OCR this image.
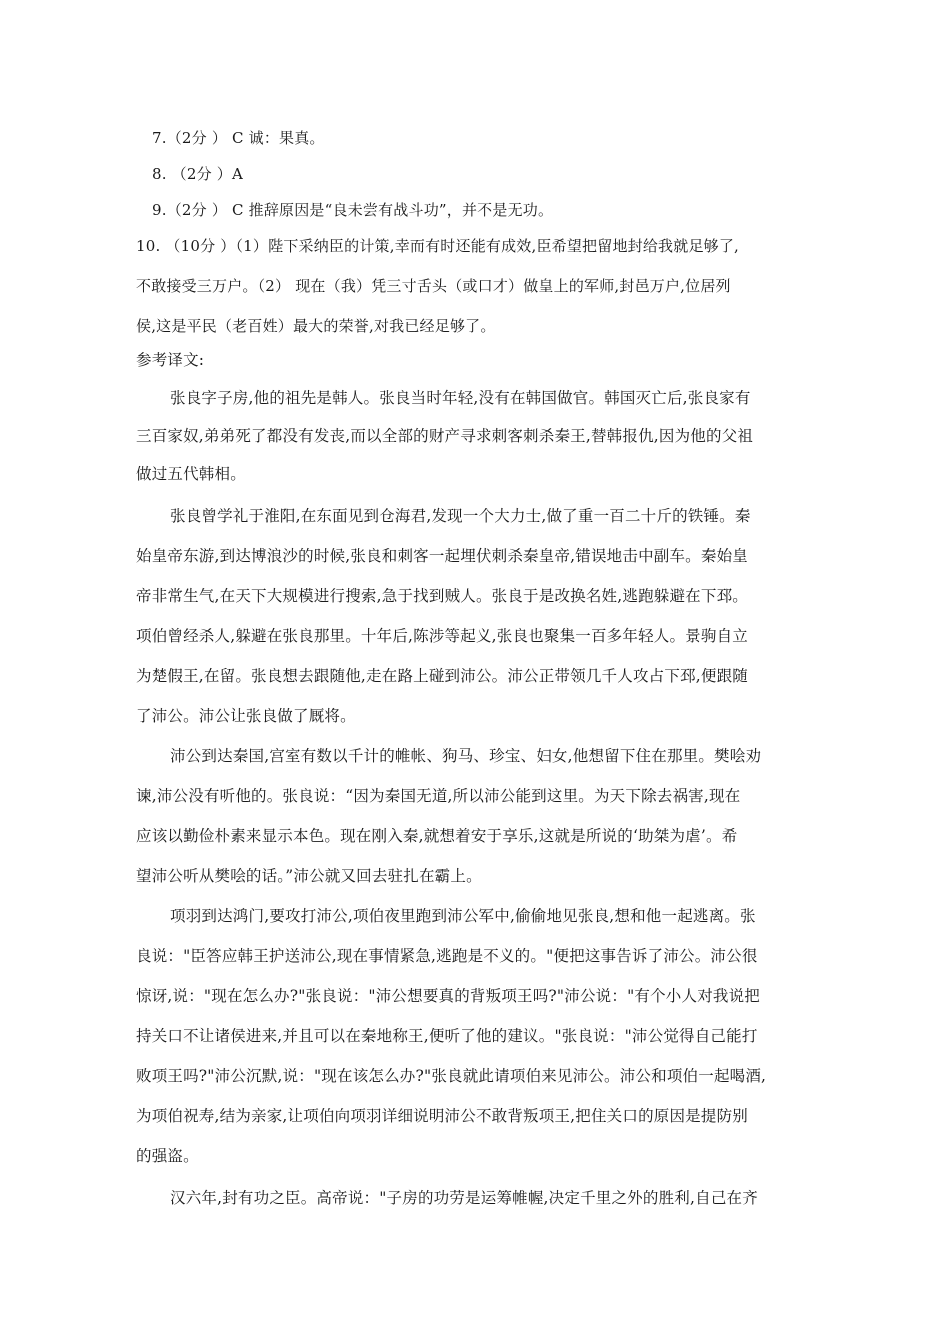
7.（2分 ） C 诚：果真。
8. （2分 ）A
9.（2分 ） C 推辞原因是“良未尝有战斗功”，并不是无功。
10. （10分 ）（1）陛下采纳臣的计策,幸而有时还能有成效,臣希望把留地封给我就足够了,
不敢接受三万户。（2） 现在（我）凭三寸舌头（或口才）做皇上的军师,封邑万户,位居列
侯,这是平民（老百姓）最大的荣誉,对我已经足够了。
参考译文:
张良字子房,他的祖先是韩人。张良当时年轻,没有在韩国做官。韩国灭亡后,张良家有
三百家奴,弟弟死了都没有发丧,而以全部的财产寻求刺客刺杀秦王,替韩报仇,因为他的父祖
做过五代韩相。
张良曾学礼于淮阳,在东面见到仓海君,发现一个大力士,做了重一百二十斤的铁锤。秦
始皇帝东游,到达博浪沙的时候,张良和刺客一起埋伏刺杀秦皇帝,错误地击中副车。秦始皇
帝非常生气,在天下大规模进行搜索,急于找到贼人。张良于是改换名姓,逃跑躲避在下邳。
项伯曾经杀人,躲避在张良那里。十年后,陈涉等起义,张良也聚集一百多年轻人。景驹自立
为楚假王,在留。张良想去跟随他,走在路上碰到沛公。沛公正带领几千人攻占下邳,便跟随
了沛公。沛公让张良做了厩将。
沛公到达秦国,宫室有数以千计的帷帐、狗马、珍宝、妇女,他想留下住在那里。樊哙劝
谏,沛公没有听他的。张良说：“因为秦国无道,所以沛公能到这里。为天下除去祸害,现在
应该以勤俭朴素来显示本色。现在刚入秦,就想着安于享乐,这就是所说的‘助桀为虐’。希
望沛公听从樊哙的话。”沛公就又回去驻扎在霸上。
项羽到达鸿门,要攻打沛公,项伯夜里跑到沛公军中,偷偷地见张良,想和他一起逃离。张
良说："臣答应韩王护送沛公,现在事情紧急,逃跑是不义的。"便把这事告诉了沛公。沛公很
惊讶,说："现在怎么办?"张良说："沛公想要真的背叛项王吗?"沛公说："有个小人对我说把
持关口不让诸侯进来,并且可以在秦地称王,便听了他的建议。"张良说："沛公觉得自己能打
败项王吗?"沛公沉默,说："现在该怎么办?"张良就此请项伯来见沛公。沛公和项伯一起喝酒,
为项伯祝寿,结为亲家,让项伯向项羽详细说明沛公不敢背叛项王,把住关口的原因是提防别
的强盗。
汉六年,封有功之臣。高帝说："子房的功劳是运筹帷幄,决定千里之外的胜利,自己在齐
